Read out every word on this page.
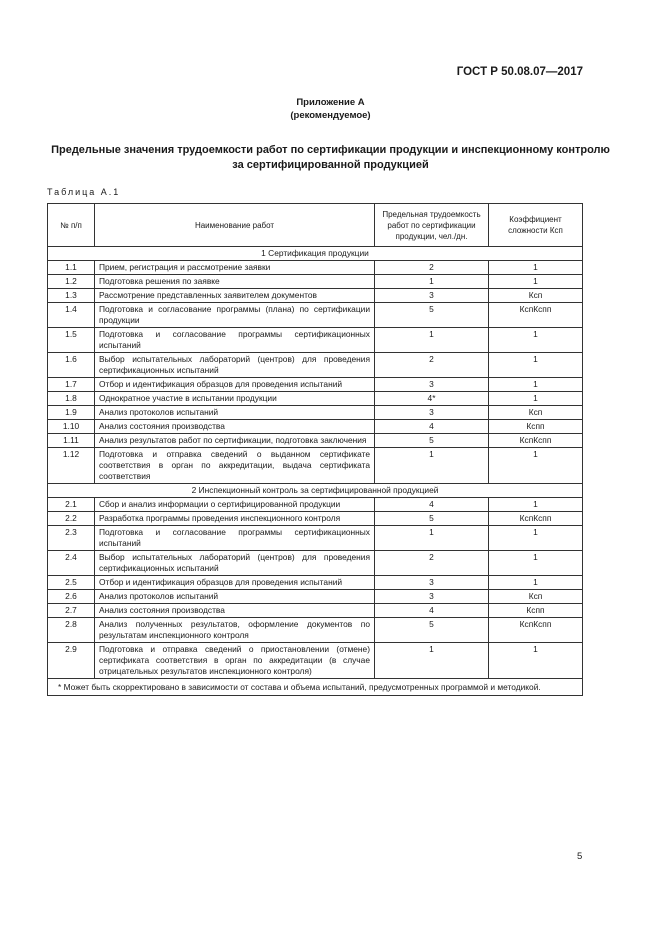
ГОСТ Р 50.08.07—2017
Приложение А
(рекомендуемое)
Предельные значения трудоемкости работ по сертификации продукции и инспекционному контролю за сертифицированной продукцией
Таблица А.1
№ п/п	Наименование работ	Предельная трудоемкость работ по сертификации продукции, чел./дн.	Коэффициент сложности Ксп
1 Сертификация продукции			
1.1	Прием, регистрация и рассмотрение заявки	2	1
1.2	Подготовка решения по заявке	1	1
1.3	Рассмотрение представленных заявителем документов	3	Ксп
1.4	Подготовка и согласование программы (плана) по сертификации продукции	5	КспКспп
1.5	Подготовка и согласование программы сертификационных испытаний	1	1
1.6	Выбор испытательных лабораторий (центров) для проведения сертификационных испытаний	2	1
1.7	Отбор и идентификация образцов для проведения испытаний	3	1
1.8	Однократное участие в испытании продукции	4*	1
1.9	Анализ протоколов испытаний	3	Ксп
1.10	Анализ состояния производства	4	Кспп
1.11	Анализ результатов работ по сертификации, подготовка заключения	5	КспКспп
1.12	Подготовка и отправка сведений о выданном сертификате соответствия в орган по аккредитации, выдача сертификата соответствия	1	1
2 Инспекционный контроль за сертифицированной продукцией			
2.1	Сбор и анализ информации о сертифицированной продукции	4	1
2.2	Разработка программы проведения инспекционного контроля	5	КспКспп
2.3	Подготовка и согласование программы сертификационных испытаний	1	1
2.4	Выбор испытательных лабораторий (центров) для проведения сертификационных испытаний	2	1
2.5	Отбор и идентификация образцов для проведения испытаний	3	1
2.6	Анализ протоколов испытаний	3	Ксп
2.7	Анализ состояния производства	4	Кспп
2.8	Анализ полученных результатов, оформление документов по результатам инспекционного контроля	5	КспКспп
2.9	Подготовка и отправка сведений о приостановлении (отмене) сертификата соответствия в орган по аккредитации (в случае отрицательных результатов инспекционного контроля)	1	1
* Может быть скорректировано в зависимости от состава и объема испытаний, предусмотренных программой и методикой.			
5
